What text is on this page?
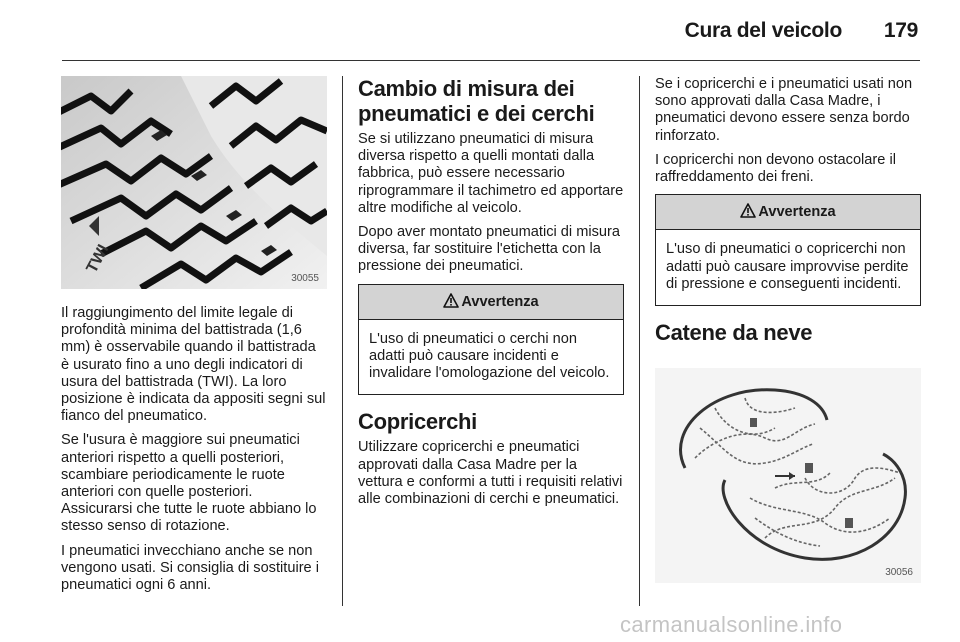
Cura del veicolo 179
TWI
30055

Il raggiungimento del limite legale di profondità minima del battistrada (1,6 mm) è osservabile quando il battistrada è usurato fino a uno degli indicatori di usura del battistrada (TWI). La loro posizione è indicata da appositi segni sul fianco del pneumatico.

Se l'usura è maggiore sui pneumatici anteriori rispetto a quelli posteriori, scambiare periodicamente le ruote anteriori con quelle posteriori. Assicurarsi che tutte le ruote abbiano lo stesso senso di rotazione.

I pneumatici invecchiano anche se non vengono usati. Si consiglia di sostituire i pneumatici ogni 6 anni.

Cambio di misura dei pneumatici e dei cerchi

Se si utilizzano pneumatici di misura diversa rispetto a quelli montati dalla fabbrica, può essere necessario riprogrammare il tachimetro ed apportare altre modifiche al veicolo.

Dopo aver montato pneumatici di misura diversa, far sostituire l'etichetta con la pressione dei pneumatici.

Avvertenza
L'uso di pneumatici o cerchi non adatti può causare incidenti e invalidare l'omologazione del veicolo.
Copricerchi

Utilizzare copricerchi e pneumatici approvati dalla Casa Madre per la vettura e conformi a tutti i requisiti relativi alle combinazioni di cerchi e pneumatici.

Se i copricerchi e i pneumatici usati non sono approvati dalla Casa Madre, i pneumatici devono essere senza bordo rinforzato.

I copricerchi non devono ostacolare il raffreddamento dei freni.

Avvertenza
L'uso di pneumatici o copricerchi non adatti può causare improvvise perdite di pressione e conseguenti incidenti.
Catene da neve
30056
carmanualsonline.info
